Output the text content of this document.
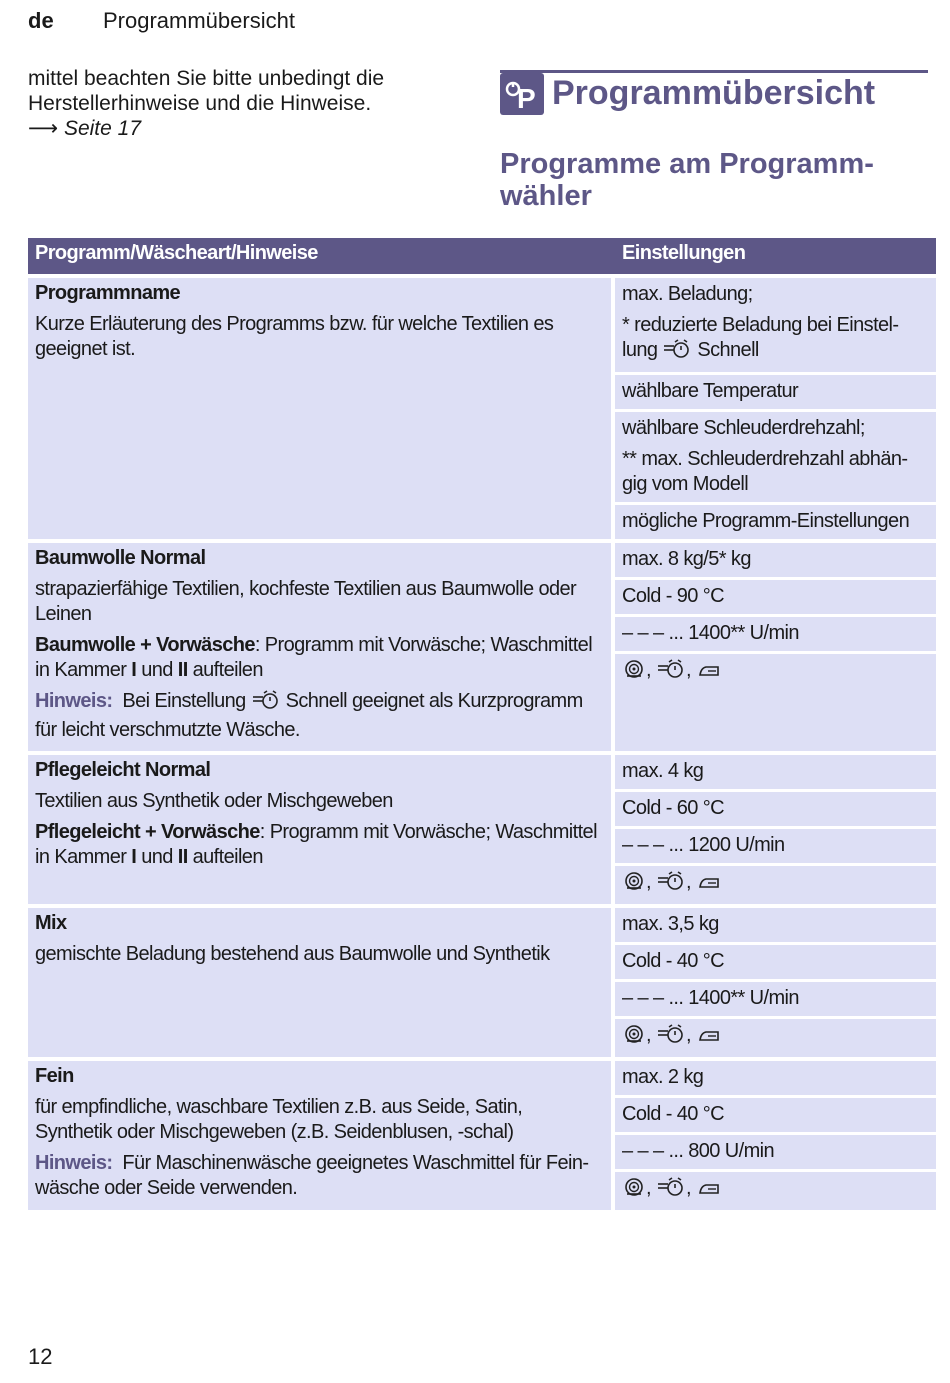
de Programmübersicht
mittel beachten Sie bitte unbedingt die Herstellerhinweise und die Hinweise.
⟶ Seite 17
P Programmübersicht
Programme am Programm-wähler
Programm/Wäscheart/Hinweise	Einstellungen
Programmname
Kurze Erläuterung des Programms bzw. für welche Textilien es geeignet ist.
max. Beladung;
* reduzierte Beladung bei Einstel-lung Schnell
wählbare Temperatur
wählbare Schleuderdrehzahl;
** max. Schleuderdrehzahl abhän-gig vom Modell
mögliche Programm-Einstellungen
Baumwolle Normal
strapazierfähige Textilien, kochfeste Textilien aus Baumwolle oder Leinen
Baumwolle + Vorwäsche: Programm mit Vorwäsche; Waschmittel in Kammer I und II aufteilen
Hinweis: Bei Einstellung Schnell geeignet als Kurzprogramm für leicht verschmutzte Wäsche.
max. 8 kg/5* kg
Cold - 90 °C
– – – ... 1400** U/min
, ,
Pflegeleicht Normal
Textilien aus Synthetik oder Mischgeweben
Pflegeleicht + Vorwäsche: Programm mit Vorwäsche; Waschmittel in Kammer I und II aufteilen
max. 4 kg
Cold - 60 °C
– – – ... 1200 U/min
, ,
Mix
gemischte Beladung bestehend aus Baumwolle und Synthetik
max. 3,5 kg
Cold - 40 °C
– – – ... 1400** U/min
, ,
Fein
für empfindliche, waschbare Textilien z.B. aus Seide, Satin, Synthetik oder Mischgeweben (z.B. Seidenblusen, -schal)
Hinweis: Für Maschinenwäsche geeignetes Waschmittel für Fein-wäsche oder Seide verwenden.
max. 2 kg
Cold - 40 °C
– – – ... 800 U/min
, ,
12
